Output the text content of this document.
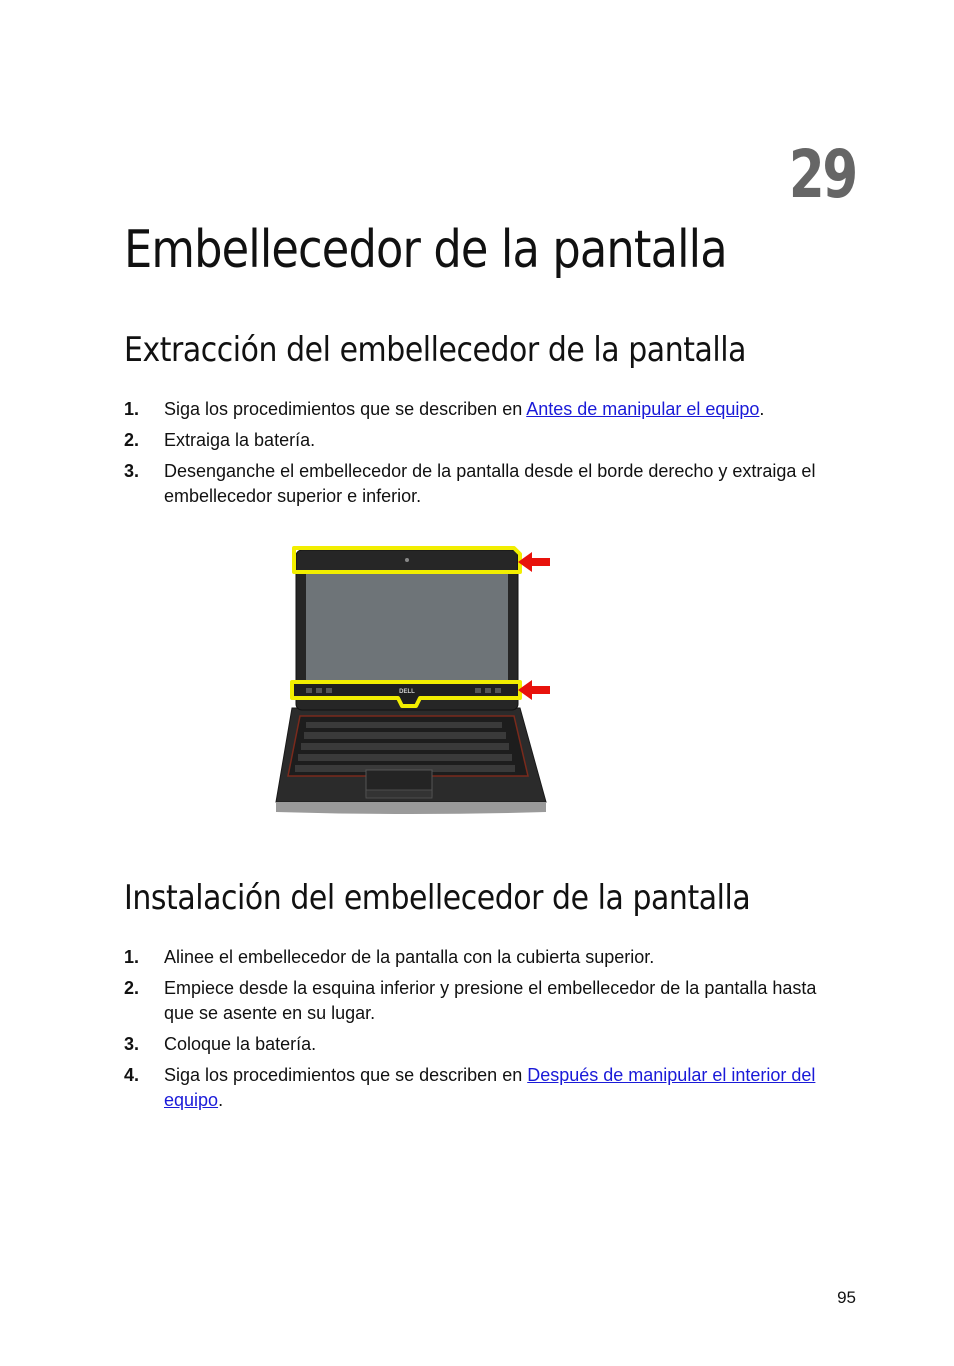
29
Embellecedor de la pantalla
Extracción del embellecedor de la pantalla
1. Siga los procedimientos que se describen en Antes de manipular el equipo.
2. Extraiga la batería.
3. Desenganche el embellecedor de la pantalla desde el borde derecho y extraiga el embellecedor superior e inferior.
DELL
Instalación del embellecedor de la pantalla
1. Alinee el embellecedor de la pantalla con la cubierta superior.
2. Empiece desde la esquina inferior y presione el embellecedor de la pantalla hasta que se asente en su lugar.
3. Coloque la batería.
4. Siga los procedimientos que se describen en Después de manipular el interior del equipo.
95
